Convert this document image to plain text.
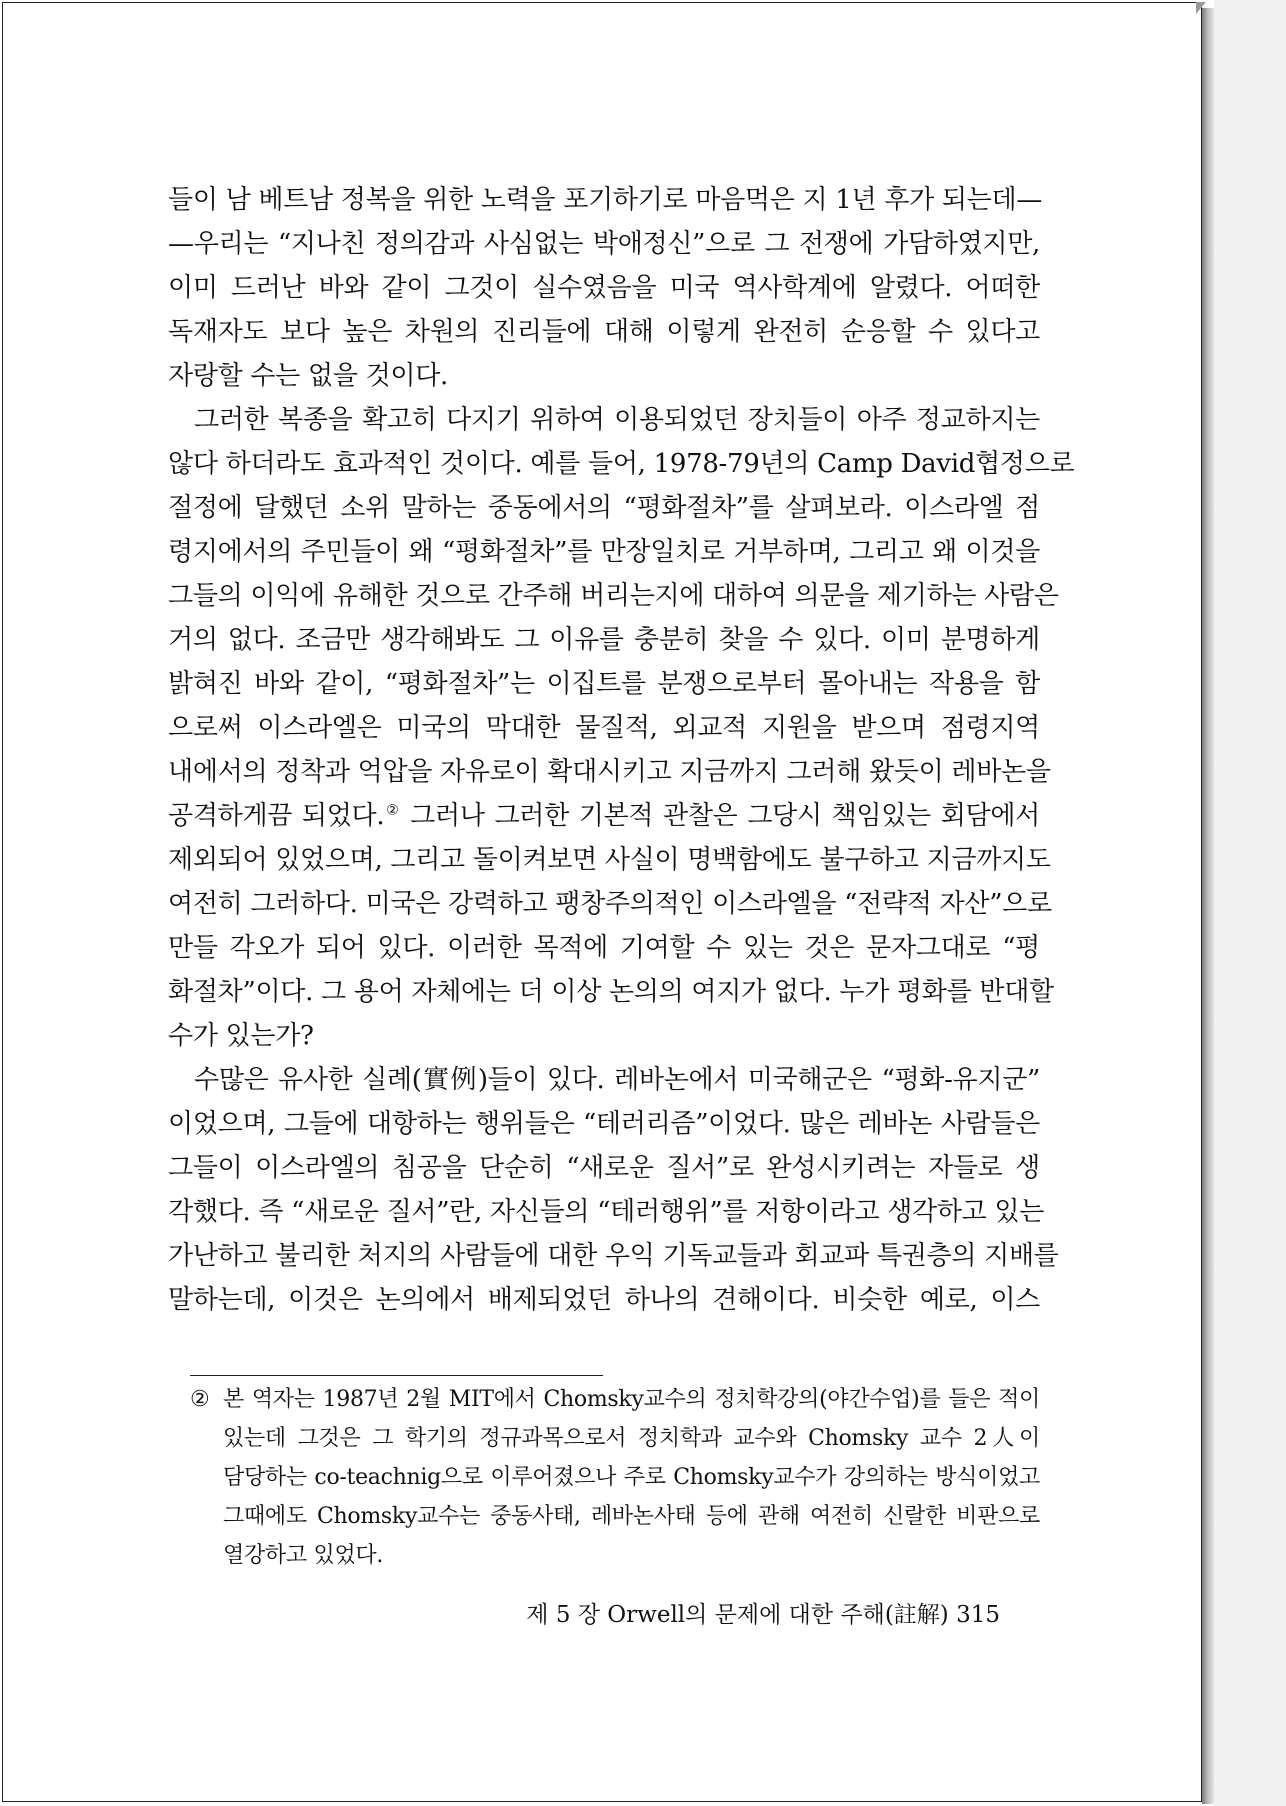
들이 남 베트남 정복을 위한 노력을 포기하기로 마음먹은 지 1년 후가 되는데—
—우리는 “지나친 정의감과 사심없는 박애정신”으로 그 전쟁에 가담하였지만,
이미 드러난 바와 같이 그것이 실수였음을 미국 역사학계에 알렸다. 어떠한
독재자도 보다 높은 차원의 진리들에 대해 이렇게 완전히 순응할 수 있다고
자랑할 수는 없을 것이다.
그러한 복종을 확고히 다지기 위하여 이용되었던 장치들이 아주 정교하지는
않다 하더라도 효과적인 것이다. 예를 들어, 1978-79년의 Camp David협정으로
절정에 달했던 소위 말하는 중동에서의 “평화절차”를 살펴보라. 이스라엘 점
령지에서의 주민들이 왜 “평화절차”를 만장일치로 거부하며, 그리고 왜 이것을
그들의 이익에 유해한 것으로 간주해 버리는지에 대하여 의문을 제기하는 사람은
거의 없다. 조금만 생각해봐도 그 이유를 충분히 찾을 수 있다. 이미 분명하게
밝혀진 바와 같이, “평화절차”는 이집트를 분쟁으로부터 몰아내는 작용을 함
으로써 이스라엘은 미국의 막대한 물질적, 외교적 지원을 받으며 점령지역
내에서의 정착과 억압을 자유로이 확대시키고 지금까지 그러해 왔듯이 레바논을
공격하게끔 되었다.② 그러나 그러한 기본적 관찰은 그당시 책임있는 회담에서
제외되어 있었으며, 그리고 돌이켜보면 사실이 명백함에도 불구하고 지금까지도
여전히 그러하다. 미국은 강력하고 팽창주의적인 이스라엘을 “전략적 자산”으로
만들 각오가 되어 있다. 이러한 목적에 기여할 수 있는 것은 문자그대로 “평
화절차”이다. 그 용어 자체에는 더 이상 논의의 여지가 없다. 누가 평화를 반대할
수가 있는가?
수많은 유사한 실례(實例)들이 있다. 레바논에서 미국해군은 “평화-유지군”
이었으며, 그들에 대항하는 행위들은 “테러리즘”이었다. 많은 레바논 사람들은
그들이 이스라엘의 침공을 단순히 “새로운 질서”로 완성시키려는 자들로 생
각했다. 즉 “새로운 질서”란, 자신들의 “테러행위”를 저항이라고 생각하고 있는
가난하고 불리한 처지의 사람들에 대한 우익 기독교들과 회교파 특권층의 지배를
말하는데, 이것은 논의에서 배제되었던 하나의 견해이다. 비슷한 예로, 이스
② 본 역자는 1987년 2월 MIT에서 Chomsky교수의 정치학강의(야간수업)를 들은 적이
있는데 그것은 그 학기의 정규과목으로서 정치학과 교수와 Chomsky 교수 2人이
담당하는 co-teachnig으로 이루어졌으나 주로 Chomsky교수가 강의하는 방식이었고
그때에도 Chomsky교수는 중동사태, 레바논사태 등에 관해 여전히 신랄한 비판으로
열강하고 있었다.
제 5 장 Orwell의 문제에 대한 주해(註解) 315
